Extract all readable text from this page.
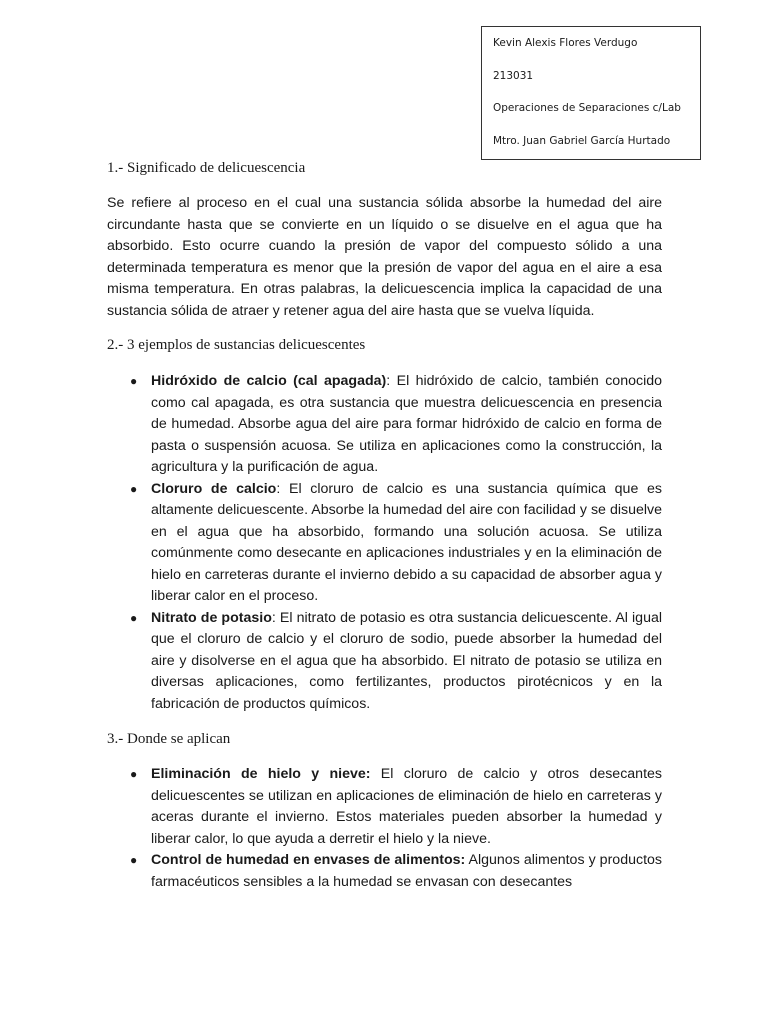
Kevin Alexis Flores Verdugo
213031
Operaciones de Separaciones c/Lab
Mtro. Juan Gabriel García Hurtado
1.- Significado de delicuescencia

Se refiere al proceso en el cual una sustancia sólida absorbe la humedad del aire circundante hasta que se convierte en un líquido o se disuelve en el agua que ha absorbido. Esto ocurre cuando la presión de vapor del compuesto sólido a una determinada temperatura es menor que la presión de vapor del agua en el aire a esa misma temperatura. En otras palabras, la delicuescencia implica la capacidad de una sustancia sólida de atraer y retener agua del aire hasta que se vuelva líquida.

2.- 3 ejemplos de sustancias delicuescentes
● Hidróxido de calcio (cal apagada): El hidróxido de calcio, también conocido como cal apagada, es otra sustancia que muestra delicuescencia en presencia de humedad. Absorbe agua del aire para formar hidróxido de calcio en forma de pasta o suspensión acuosa. Se utiliza en aplicaciones como la construcción, la agricultura y la purificación de agua.
● Cloruro de calcio: El cloruro de calcio es una sustancia química que es altamente delicuescente. Absorbe la humedad del aire con facilidad y se disuelve en el agua que ha absorbido, formando una solución acuosa. Se utiliza comúnmente como desecante en aplicaciones industriales y en la eliminación de hielo en carreteras durante el invierno debido a su capacidad de absorber agua y liberar calor en el proceso.
● Nitrato de potasio: El nitrato de potasio es otra sustancia delicuescente. Al igual que el cloruro de calcio y el cloruro de sodio, puede absorber la humedad del aire y disolverse en el agua que ha absorbido. El nitrato de potasio se utiliza en diversas aplicaciones, como fertilizantes, productos pirotécnicos y en la fabricación de productos químicos.
3.- Donde se aplican
● Eliminación de hielo y nieve: El cloruro de calcio y otros desecantes delicuescentes se utilizan en aplicaciones de eliminación de hielo en carreteras y aceras durante el invierno. Estos materiales pueden absorber la humedad y liberar calor, lo que ayuda a derretir el hielo y la nieve.
● Control de humedad en envases de alimentos: Algunos alimentos y productos farmacéuticos sensibles a la humedad se envasan con desecantes
